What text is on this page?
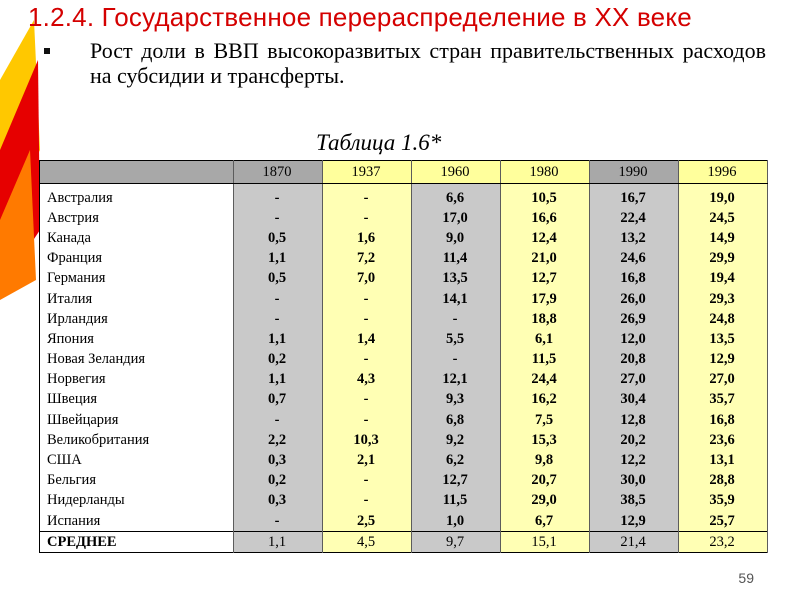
1.2.4. Государственное перераспределение в XX веке
Рост доли в ВВП высокоразвитых стран правительственных расходов на субсидии и трансферты.
Таблица 1.6*
	1870	1937	1960	1980	1990	1996
Австралия	-	-	6,6	10,5	16,7	19,0
Австрия	-	-	17,0	16,6	22,4	24,5
Канада	0,5	1,6	9,0	12,4	13,2	14,9
Франция	1,1	7,2	11,4	21,0	24,6	29,9
Германия	0,5	7,0	13,5	12,7	16,8	19,4
Италия	-	-	14,1	17,9	26,0	29,3
Ирландия	-	-	-	18,8	26,9	24,8
Япония	1,1	1,4	5,5	6,1	12,0	13,5
Новая Зеландия	0,2	-	-	11,5	20,8	12,9
Норвегия	1,1	4,3	12,1	24,4	27,0	27,0
Швеция	0,7	-	9,3	16,2	30,4	35,7
Швейцария	-	-	6,8	7,5	12,8	16,8
Великобритания	2,2	10,3	9,2	15,3	20,2	23,6
США	0,3	2,1	6,2	9,8	12,2	13,1
Бельгия	0,2	-	12,7	20,7	30,0	28,8
Нидерланды	0,3	-	11,5	29,0	38,5	35,9
Испания	-	2,5	1,0	6,7	12,9	25,7
СРЕДНЕЕ	1,1	4,5	9,7	15,1	21,4	23,2
59
